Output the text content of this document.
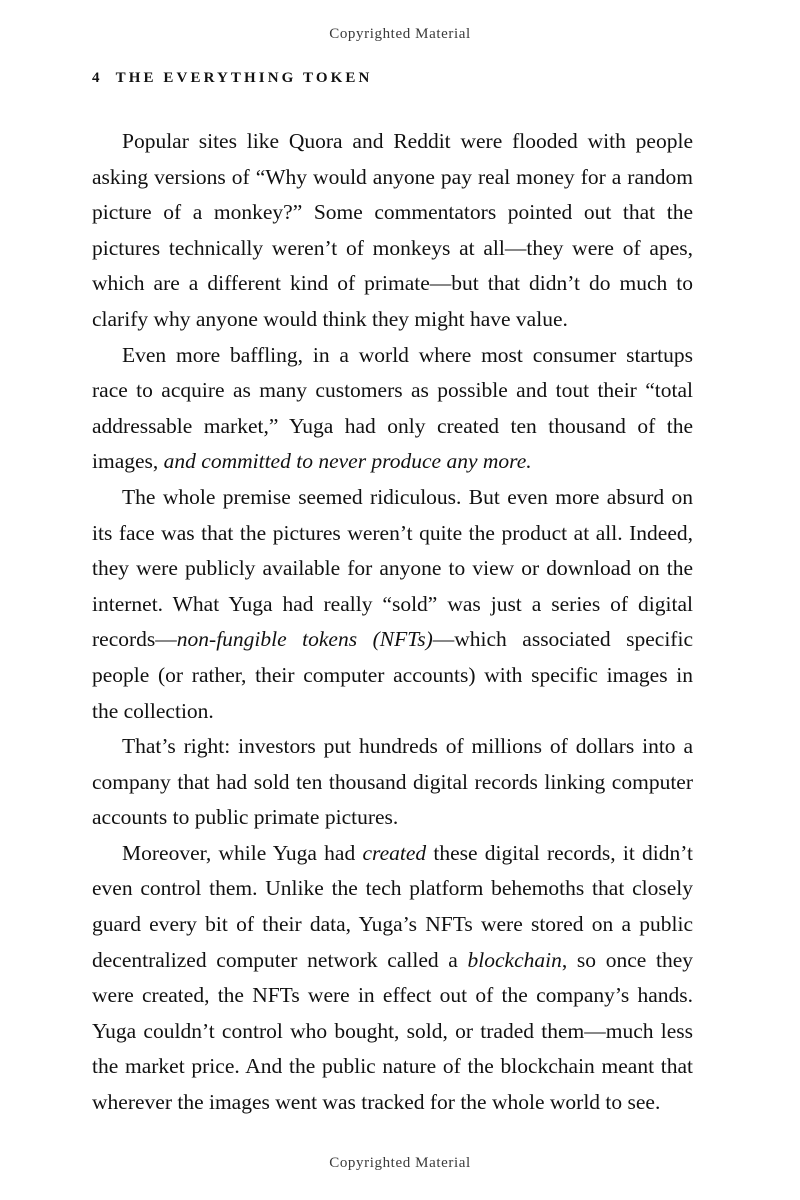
Copyrighted Material
4 THE EVERYTHING TOKEN

Popular sites like Quora and Reddit were flooded with people asking versions of “Why would anyone pay real money for a random picture of a monkey?” Some commentators pointed out that the pictures technically weren’t of monkeys at all—they were of apes, which are a different kind of primate—but that didn’t do much to clarify why anyone would think they might have value.

Even more baffling, in a world where most consumer startups race to acquire as many customers as possible and tout their “total addressable market,” Yuga had only created ten thousand of the images, and committed to never produce any more.

The whole premise seemed ridiculous. But even more absurd on its face was that the pictures weren’t quite the product at all. Indeed, they were publicly available for anyone to view or download on the internet. What Yuga had really “sold” was just a series of digital records—non-fungible tokens (NFTs)—which associated specific people (or rather, their computer accounts) with specific images in the collection.

That’s right: investors put hundreds of millions of dollars into a company that had sold ten thousand digital records linking computer accounts to public primate pictures.

Moreover, while Yuga had created these digital records, it didn’t even control them. Unlike the tech platform behemoths that closely guard every bit of their data, Yuga’s NFTs were stored on a public decentralized computer network called a blockchain, so once they were created, the NFTs were in effect out of the company’s hands. Yuga couldn’t control who bought, sold, or traded them—much less the market price. And the public nature of the blockchain meant that wherever the images went was tracked for the whole world to see.

Copyrighted Material
